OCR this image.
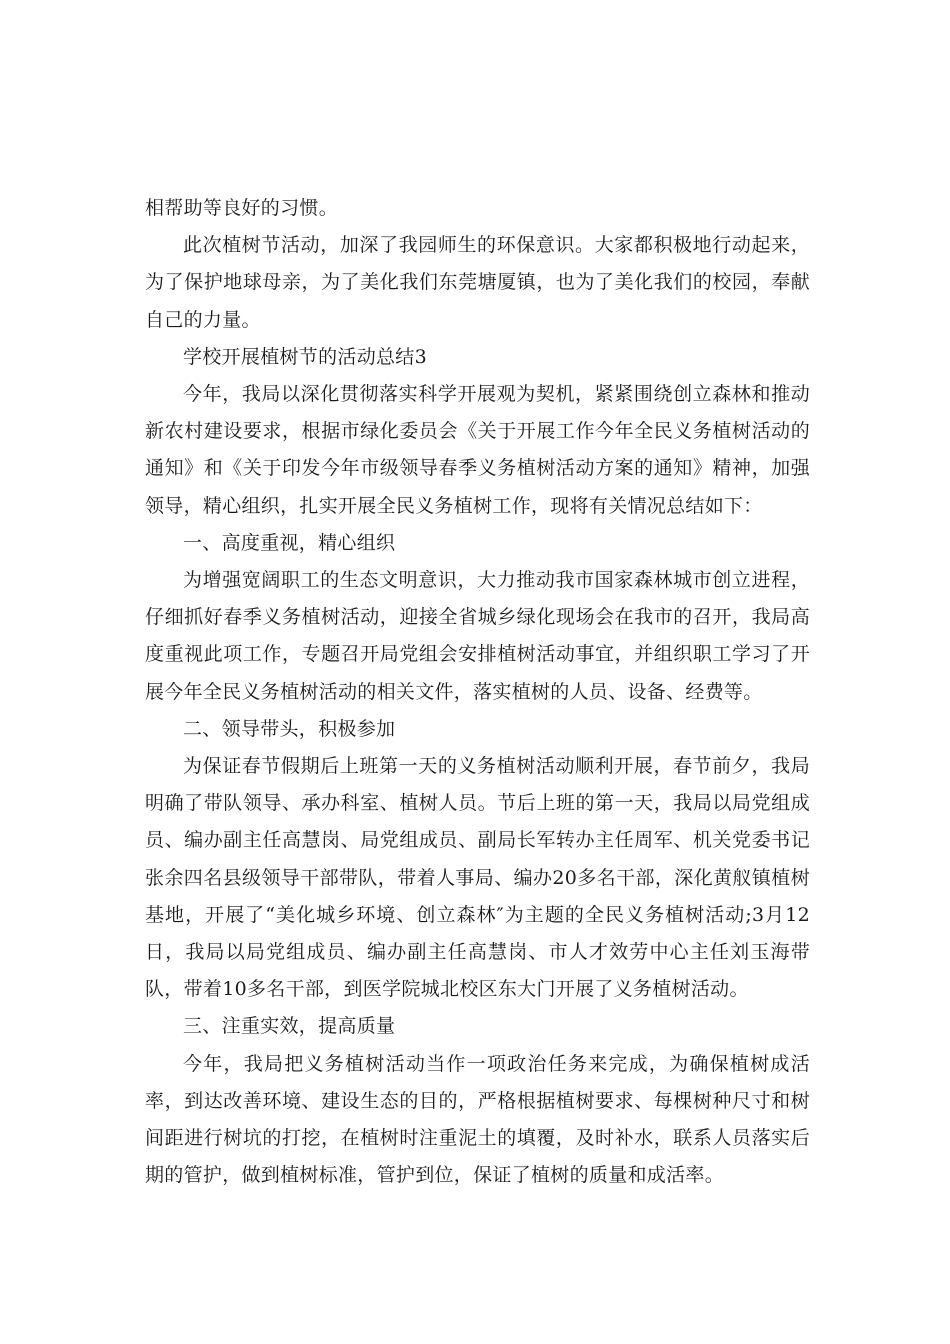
相帮助等良好的习惯。

此次植树节活动，加深了我园师生的环保意识。大家都积极地行动起来，为了保护地球母亲，为了美化我们东莞塘厦镇，也为了美化我们的校园，奉献自己的力量。

学校开展植树节的活动总结3

今年，我局以深化贯彻落实科学开展观为契机，紧紧围绕创立森林和推动新农村建设要求，根据市绿化委员会《关于开展工作今年全民义务植树活动的通知》和《关于印发今年市级领导春季义务植树活动方案的通知》精神，加强领导，精心组织，扎实开展全民义务植树工作，现将有关情况总结如下：

一、高度重视，精心组织

为增强宽阔职工的生态文明意识，大力推动我市国家森林城市创立进程，仔细抓好春季义务植树活动，迎接全省城乡绿化现场会在我市的召开，我局高度重视此项工作，专题召开局党组会安排植树活动事宜，并组织职工学习了开展今年全民义务植树活动的相关文件，落实植树的人员、设备、经费等。

二、领导带头，积极参加

为保证春节假期后上班第一天的义务植树活动顺利开展，春节前夕，我局明确了带队领导、承办科室、植树人员。节后上班的第一天，我局以局党组成员、编办副主任高慧岗、局党组成员、副局长军转办主任周军、机关党委书记张余四名县级领导干部带队，带着人事局、编办20多名干部，深化黄舣镇植树基地，开展了“美化城乡环境、创立森林″为主题的全民义务植树活动;3月12日，我局以局党组成员、编办副主任高慧岗、市人才效劳中心主任刘玉海带队，带着10多名干部，到医学院城北校区东大门开展了义务植树活动。

三、注重实效，提高质量

今年，我局把义务植树活动当作一项政治任务来完成，为确保植树成活率，到达改善环境、建设生态的目的，严格根据植树要求、每棵树种尺寸和树间距进行树坑的打挖，在植树时注重泥土的填覆，及时补水，联系人员落实后期的管护，做到植树标准，管护到位，保证了植树的质量和成活率。
